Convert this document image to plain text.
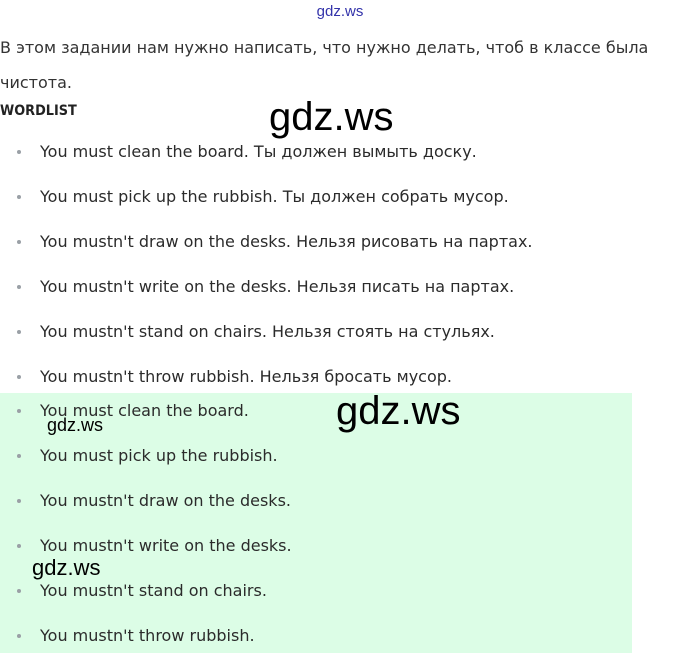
gdz.ws
В этом задании нам нужно написать, что нужно делать, чтоб в классе была чистота.
WORDLIST
You must clean the board. Ты должен вымыть доску.
You must pick up the rubbish. Ты должен собрать мусор.
You mustn't draw on the desks. Нельзя рисовать на партах.
You mustn't write on the desks. Нельзя писать на партах.
You mustn't stand on chairs. Нельзя стоять на стульях.
You mustn't throw rubbish. Нельзя бросать мусор.
You must clean the board.
You must pick up the rubbish.
You mustn't draw on the desks.
You mustn't write on the desks.
You mustn't stand on chairs.
You mustn't throw rubbish.
gdz.ws
gdz.ws
gdz.ws
gdz.ws
